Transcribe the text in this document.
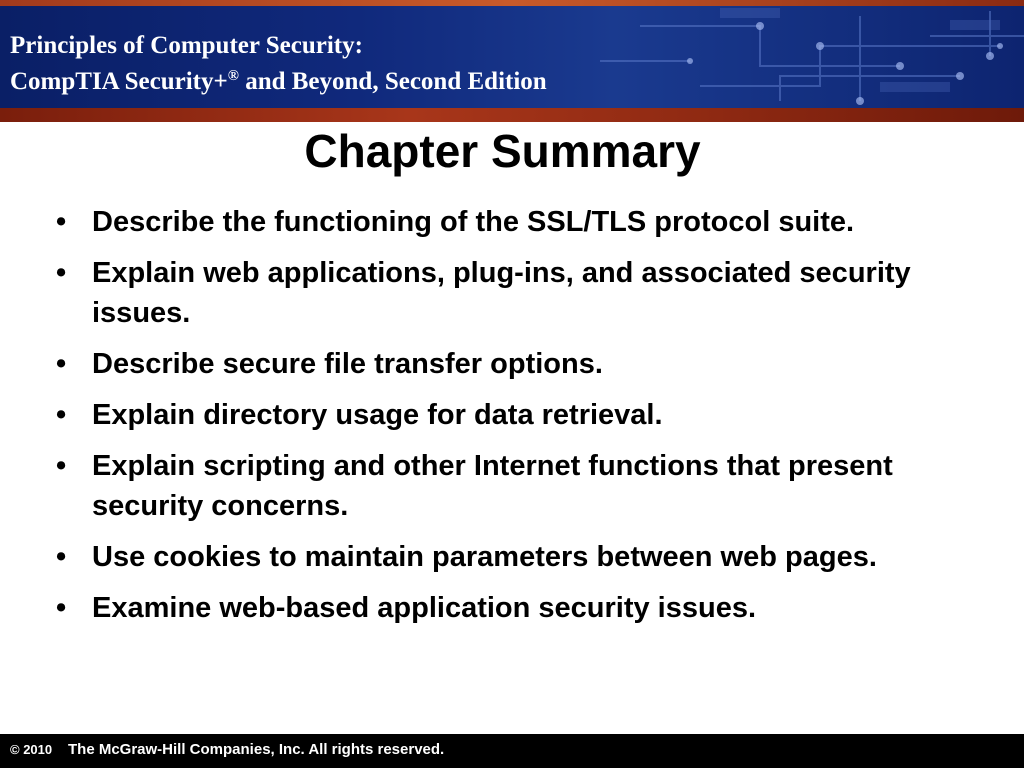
Principles of Computer Security:
CompTIA Security+® and Beyond, Second Edition
Chapter Summary
• Describe the functioning of the SSL/TLS protocol suite.
• Explain web applications, plug-ins, and associated security issues.
• Describe secure file transfer options.
• Explain directory usage for data retrieval.
• Explain scripting and other Internet functions that present security concerns.
• Use cookies to maintain parameters between web pages.
• Examine web-based application security issues.
© 2010 The McGraw-Hill Companies, Inc. All rights reserved.
